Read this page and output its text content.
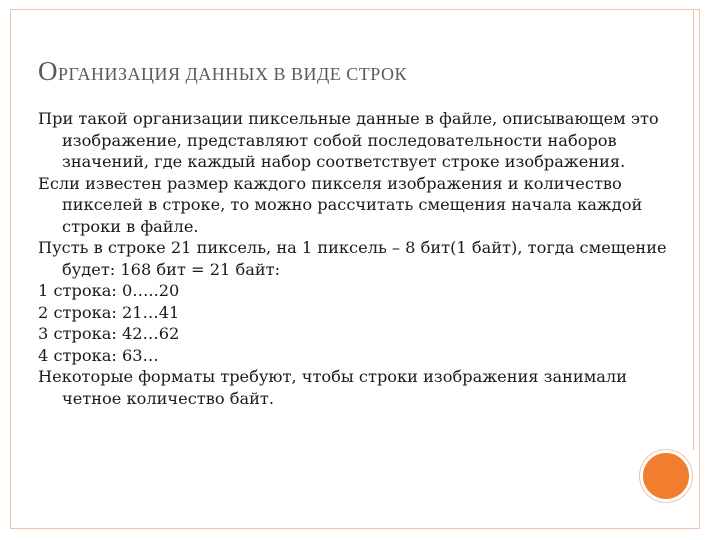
ОРГАНИЗАЦИЯ ДАННЫХ В ВИДЕ СТРОК

При такой организации пиксельные данные в файле, описывающем это изображение, представляют собой последовательности наборов значений, где каждый набор соответствует строке изображения.

Если известен размер каждого пикселя изображения и количество пикселей в строке, то можно рассчитать смещения начала каждой строки в файле.

Пусть в строке 21 пиксель, на 1 пиксель – 8 бит(1 байт), тогда смещение будет: 168 бит = 21 байт:

1 строка: 0…..20

2 строка: 21…41

3 строка: 42…62

4 строка: 63…

Некоторые форматы требуют, чтобы строки изображения занимали четное количество байт.
